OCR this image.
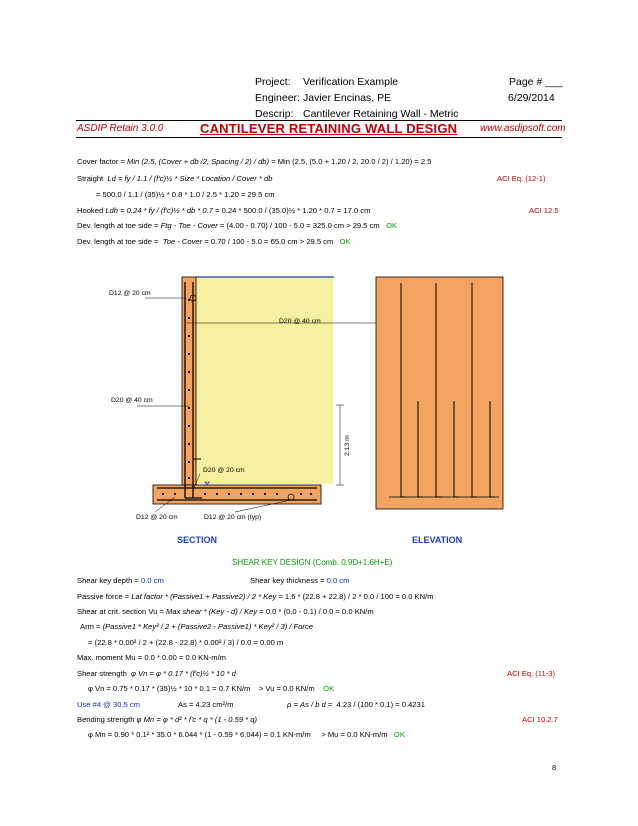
Project: Verification Example	Page # ___
Engineer: Javier Encinas, PE	6/29/2014
Descrip: Cantilever Retaining Wall - Metric
ASDIP Retain 3.0.0	CANTILEVER RETAINING WALL DESIGN www.asdipsoft.com
Cover factor = Min (2.5, (Cover + db /2, Spacing / 2) / db) = Min (2.5, (5.0 + 1.20 / 2, 20.0 / 2) / 1.20) = 2.5
Straight Ld = fy / 1.1 / (f'c)½ * Size * Location / Cover * db	ACI Eq. (12-1)
= 500.0 / 1.1 / (35)½ * 0.8 * 1.0 / 2.5 * 1.20 = 29.5 cm
Hooked Ldh = 0.24 * fy / (f'c)½ * db * 0.7 = 0.24 * 500.0 / (35.0)½ * 1.20 * 0.7 = 17.0 cm	ACI 12.5
Dev. length at toe side = Ftg - Toe - Cover = (4.00 - 0.70) / 100 - 5.0 = 325.0 cm > 29.5 cm OK
Dev. length at toe side = Toe - Cover = 0.70 / 100 - 5.0 = 65.0 cm > 29.5 cm OK
D12 @ 20 cm
D20 @ 40 cm
D20 @ 40 cm
2.13 m
D20 @ 20 cm
D12 @ 20 cm	D12 @ 20 cm (typ)
SECTION	ELEVATION
SHEAR KEY DESIGN (Comb. 0.9D+1.6H+E)
Shear key depth = 0.0 cm	Shear key thickness = 0.0 cm
Passive force = Lat factor * (Passive1 + Passive2) / 2 * Key = 1.6 * (22.8 + 22.8) / 2 * 0.0 / 100 = 0.0 KN/m
Shear at crit. section Vu = Max shear * (Key - d) / Key = 0.0 * (0.0 - 0.1) / 0.0 = 0.0 KN/m
Arm = (Passive1 * Key² / 2 + (Passive2 - Passive1) * Key² / 3) / Force
= (22.8 * 0.00² / 2 + (22.8 - 22.8) * 0.00² / 3) / 0.0 = 0.00 m
Max. moment Mu = 0.0 * 0.00 = 0.0 KN-m/m
Shear strength φ Vn = φ * 0.17 * (f'c)½ * 10 * d	ACI Eq. (11-3)
φ Vn = 0.75 * 0.17 * (35)½ * 10 * 0.1 = 0.7 KN/m > Vu = 0.0 KN/m OK
Use #4 @ 30.5 cm	As = 4.23 cm²/m	ρ = As / b d = 4.23 / (100 * 0.1) = 0.4231
Bending strength φ Mn = φ * d² * f'c * q * (1 - 0.59 * q)	ACI 10.2.7
φ Mn = 0.90 * 0.1² * 35.0 * 6.044 * (1 - 0.59 * 6.044) = 0.1 KN-m/m > Mu = 0.0 KN-m/m OK
8
